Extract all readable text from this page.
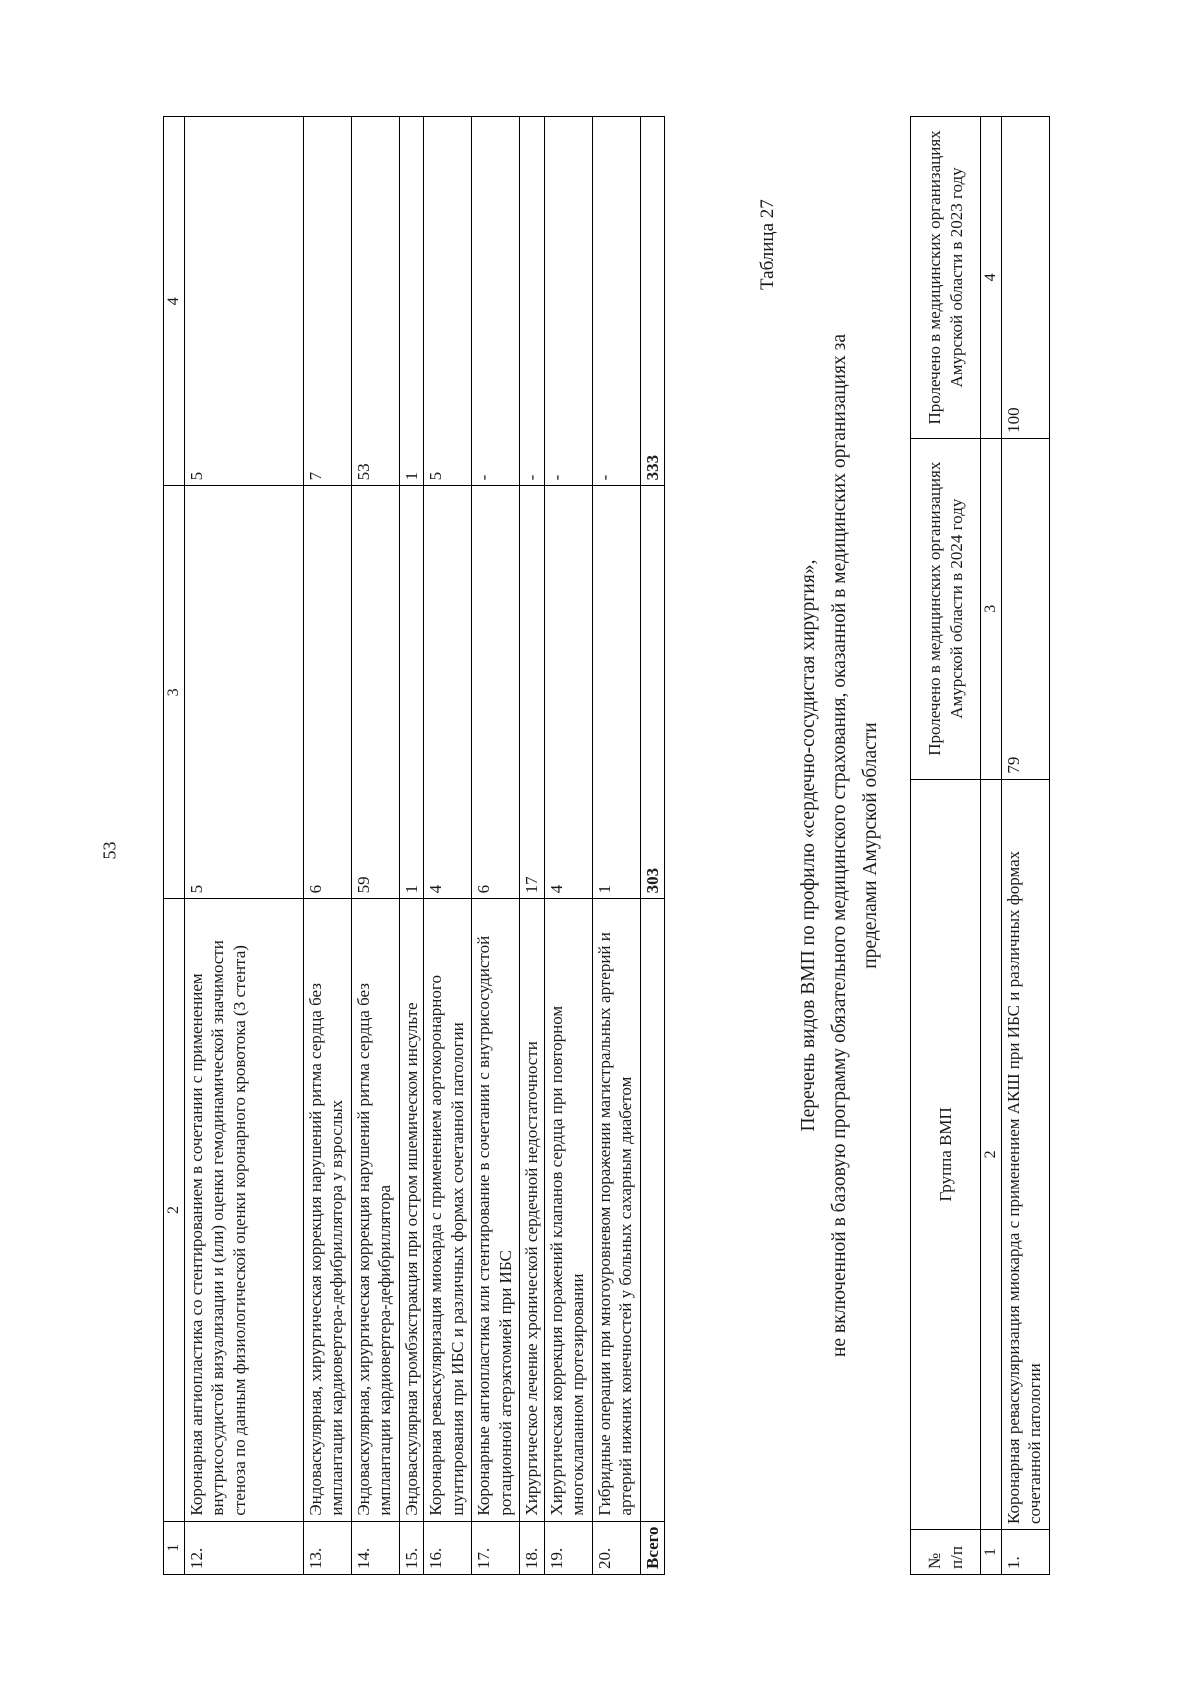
53
1	2	3	4
12.	Коронарная ангиопластика со стентированием в сочетании с применением внутрисосудистой визуализации и (или) оценки гемодинамической значимости стеноза по данным физиологической оценки коронарного кровотока (3 стента)	5	5
13.	Эндоваскулярная, хирургическая коррекция нарушений ритма сердца без имплантации кардиовертера-дефибриллятора у взрослых	6	7
14.	Эндоваскулярная, хирургическая коррекция нарушений ритма сердца без имплантации кардиовертера-дефибриллятора	59	53
15.	Эндоваскулярная тромбэкстракция при остром ишемическом инсульте	1	1
16.	Коронарная реваскуляризация миокарда с применением аортокоронарного шунтирования при ИБС и различных формах сочетанной патологии	4	5
17.	Коронарные ангиопластика или стентирование в сочетании с внутрисосудистой ротационной атерэктомией при ИБС	6	-
18.	Хирургическое лечение хронической сердечной недостаточности	17	-
19.	Хирургическая коррекция поражений клапанов сердца при повторном многоклапанном протезировании	4	-
20.	Гибридные операции при многоуровневом поражении магистральных артерий и артерий нижних конечностей у больных сахарным диабетом	1	-
Всего		303	333
Таблица 27
Перечень видов ВМП по профилю «сердечно-сосудистая хирургия», не включенной в базовую программу обязательного медицинского страхования, оказанной в медицинских организациях за пределами Амурской области
№ п/п	Группа ВМП	Пролечено в медицинских организациях Амурской области в 2024 году	Пролечено в медицинских организациях Амурской области в 2023 году
1	2	3	4
1.	Коронарная реваскуляризация миокарда с применением АКШ при ИБС и различных формах сочетанной патологии	79	100
